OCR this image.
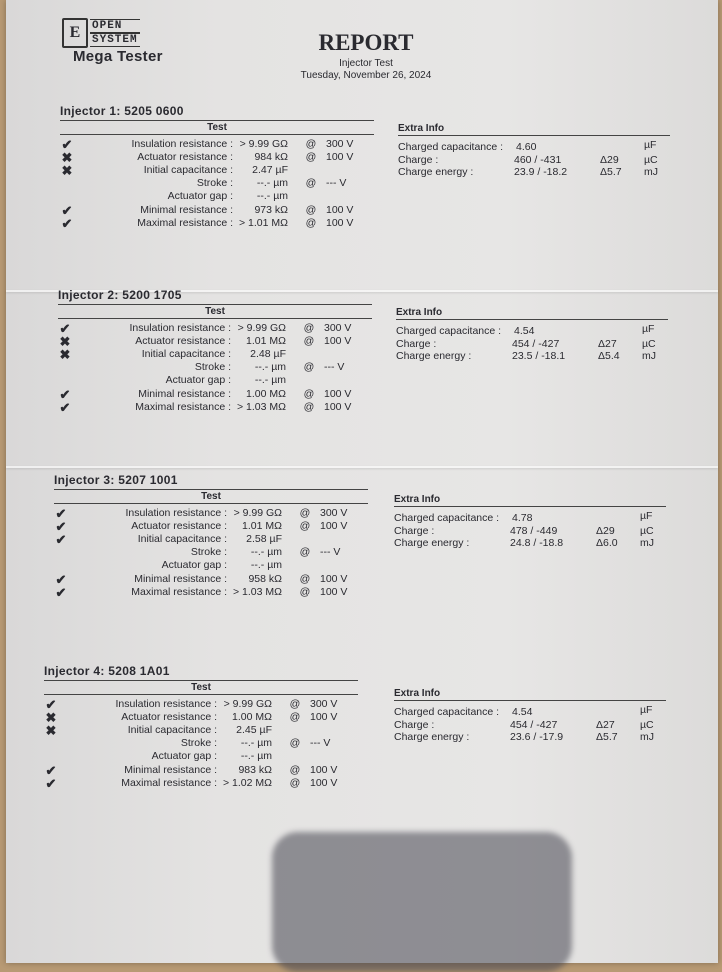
E	OPEN
SYSTEM
Mega Tester
REPORT
Injector Test
Tuesday, November 26, 2024
Injector 1: 5205 0600
Test
✔	Insulation resistance : > 9.99 GΩ @ 300 V
✖	Actuator resistance :	984 kΩ @ 100 V
✖	Initial capacitance :	2.47 µF
Stroke :	--.- µm @ --- V
Actuator gap :	--.- µm
✔	Minimal resistance :	973 kΩ @ 100 V
✔	Maximal resistance : > 1.01 MΩ @ 100 V
Extra Info
Charged capacitance : 4.60	µF
Charge :	460 / -431	Δ29 µC
Charge energy :	23.9 / -18.2	Δ5.7 mJ
Injector 2: 5200 1705
Test
✔	Insulation resistance : > 9.99 GΩ @ 300 V
✖	Actuator resistance :	1.01 MΩ @ 100 V
✖	Initial capacitance :	2.48 µF
Stroke :	--.- µm @ --- V
Actuator gap :	--.- µm
✔	Minimal resistance :	1.00 MΩ @ 100 V
✔	Maximal resistance : > 1.03 MΩ @ 100 V
Extra Info
Charged capacitance : 4.54	µF
Charge :	454 / -427	Δ27 µC
Charge energy :	23.5 / -18.1	Δ5.4 mJ
Injector 3: 5207 1001
Test
✔	Insulation resistance : > 9.99 GΩ @ 300 V
✔	Actuator resistance :	1.01 MΩ @ 100 V
✔	Initial capacitance :	2.58 µF
Stroke :	--.- µm @ --- V
Actuator gap :	--.- µm
✔	Minimal resistance :	958 kΩ @ 100 V
✔	Maximal resistance : > 1.03 MΩ @ 100 V
Extra Info
Charged capacitance : 4.78	µF
Charge :	478 / -449	Δ29 µC
Charge energy :	24.8 / -18.8	Δ6.0 mJ
Injector 4: 5208 1A01
Test
✔	Insulation resistance : > 9.99 GΩ @ 300 V
✖	Actuator resistance :	1.00 MΩ @ 100 V
✖	Initial capacitance :	2.45 µF
Stroke :	--.- µm @ --- V
Actuator gap :	--.- µm
✔	Minimal resistance :	983 kΩ @ 100 V
✔	Maximal resistance : > 1.02 MΩ @ 100 V
Extra Info
Charged capacitance : 4.54	µF
Charge :	454 / -427	Δ27 µC
Charge energy :	23.6 / -17.9	Δ5.7 mJ
